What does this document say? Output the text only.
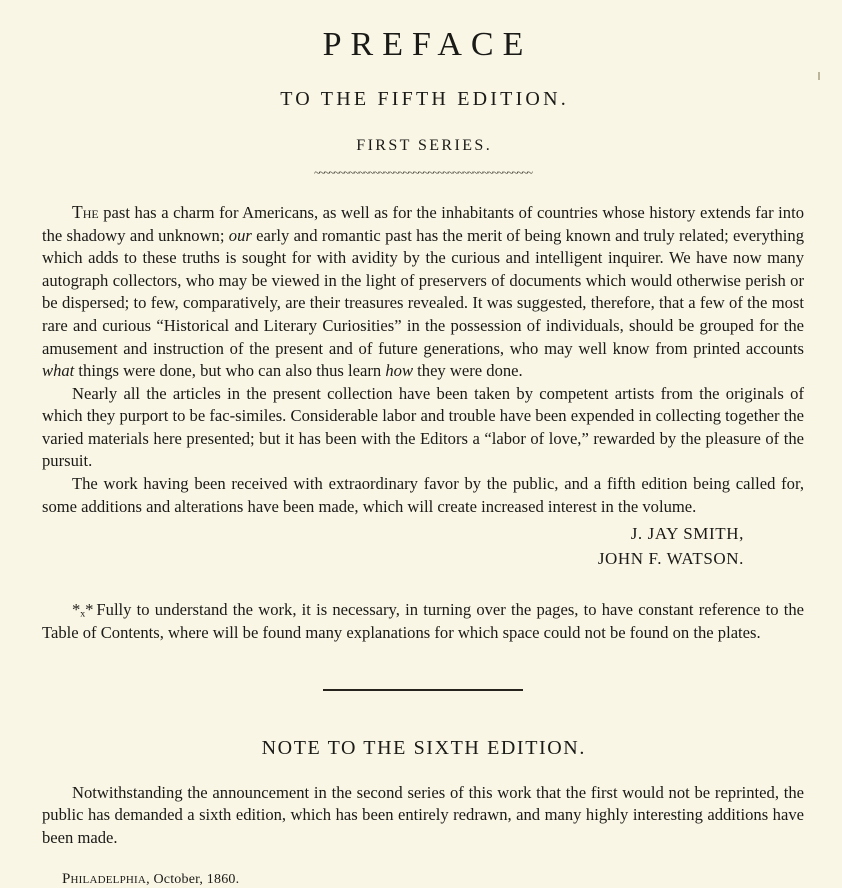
PREFACE
TO THE FIFTH EDITION.
FIRST SERIES.
~~~~~~~~~~~~~~~~~~~~~~~~~~~~~~~~~~~~~~~~~~~~

The past has a charm for Americans, as well as for the inhabitants of countries whose history extends far into the shadowy and unknown; our early and romantic past has the merit of being known and truly related; everything which adds to these truths is sought for with avidity by the curious and intelligent inquirer. We have now many autograph collectors, who may be viewed in the light of preservers of documents which would otherwise perish or be dispersed; to few, comparatively, are their treasures revealed. It was suggested, therefore, that a few of the most rare and curious “Historical and Literary Curiosities” in the possession of individuals, should be grouped for the amusement and instruction of the present and of future generations, who may well know from printed accounts what things were done, but who can also thus learn how they were done.

Nearly all the articles in the present collection have been taken by competent artists from the originals of which they purport to be fac-similes. Considerable labor and trouble have been expended in collecting together the varied materials here presented; but it has been with the Editors a “labor of love,” rewarded by the pleasure of the pursuit.

The work having been received with extraordinary favor by the public, and a fifth edition being called for, some additions and alterations have been made, which will create increased interest in the volume.

J. JAY SMITH,
JOHN F. WATSON.

*ₓ* Fully to understand the work, it is necessary, in turning over the pages, to have constant reference to the Table of Contents, where will be found many explanations for which space could not be found on the plates.

NOTE TO THE SIXTH EDITION.

Notwithstanding the announcement in the second series of this work that the first would not be reprinted, the public has demanded a sixth edition, which has been entirely redrawn, and many highly interesting additions have been made.

Philadelphia, October, 1860.
